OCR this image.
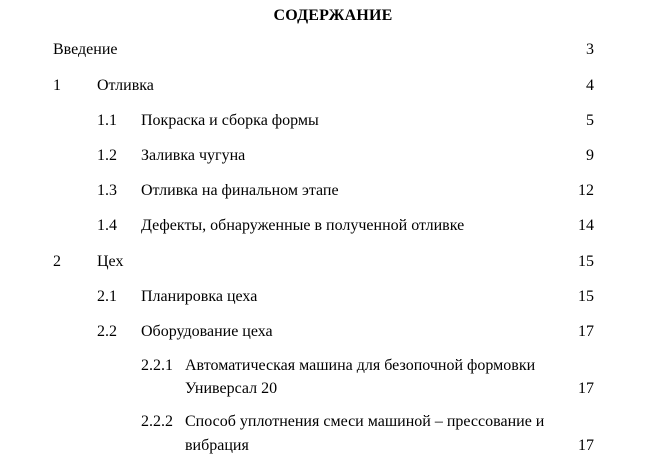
СОДЕРЖАНИЕ
Введение	3
1 Отливка	4
1.1 Покраска и сборка формы	5
1.2 Заливка чугуна	9
1.3 Отливка на финальном этапе	12
1.4 Дефекты, обнаруженные в полученной отливке	14
2 Цех	15
2.1 Планировка цеха	15
2.2 Оборудование цеха	17
2.2.1 Автоматическая машина для безопочной формовки
Универсал 20	17
2.2.2 Способ уплотнения смеси машиной – прессование и
вибрация	17
